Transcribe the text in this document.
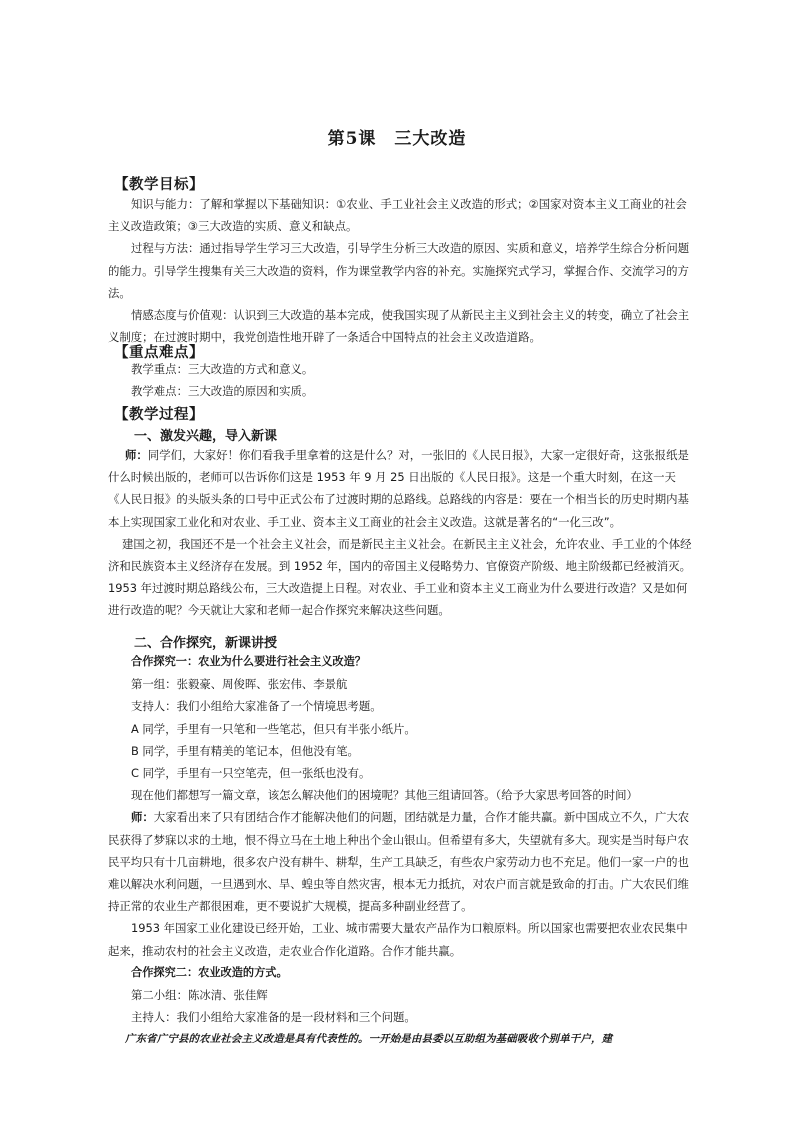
第5课　三大改造
【教学目标】

知识与能力：了解和掌握以下基础知识：①农业、手工业社会主义改造的形式；②国家对资本主义工商业的社会主义改造政策；③三大改造的实质、意义和缺点。

过程与方法：通过指导学生学习三大改造，引导学生分析三大改造的原因、实质和意义，培养学生综合分析问题的能力。引导学生搜集有关三大改造的资料，作为课堂教学内容的补充。实施探究式学习，掌握合作、交流学习的方法。

情感态度与价值观：认识到三大改造的基本完成，使我国实现了从新民主主义到社会主义的转变，确立了社会主义制度；在过渡时期中，我党创造性地开辟了一条适合中国特点的社会主义改造道路。

【重点难点】

教学重点：三大改造的方式和意义。

教学难点：三大改造的原因和实质。

【教学过程】
一、激发兴趣，导入新课

师：同学们，大家好！你们看我手里拿着的这是什么？对，一张旧的《人民日报》，大家一定很好奇，这张报纸是什么时候出版的，老师可以告诉你们这是 1953 年 9 月 25 日出版的《人民日报》。这是一个重大时刻，在这一天《人民日报》的头版头条的口号中正式公布了过渡时期的总路线。总路线的内容是：要在一个相当长的历史时期内基本上实现国家工业化和对农业、手工业、资本主义工商业的社会主义改造。这就是著名的“一化三改”。

建国之初，我国还不是一个社会主义社会，而是新民主主义社会。在新民主主义社会，允许农业、手工业的个体经济和民族资本主义经济存在发展。到 1952 年，国内的帝国主义侵略势力、官僚资产阶级、地主阶级都已经被消灭。1953 年过渡时期总路线公布，三大改造提上日程。对农业、手工业和资本主义工商业为什么要进行改造？又是如何进行改造的呢？今天就让大家和老师一起合作探究来解决这些问题。

二、合作探究，新课讲授

合作探究一：农业为什么要进行社会主义改造？

第一组：张毅豪、周俊晖、张宏伟、李景航

支持人：我们小组给大家准备了一个情境思考题。

A 同学，手里有一只笔和一些笔芯，但只有半张小纸片。

B 同学，手里有精美的笔记本，但他没有笔。

C 同学，手里有一只空笔壳，但一张纸也没有。

现在他们都想写一篇文章，该怎么解决他们的困境呢？其他三组请回答。（给予大家思考回答的时间）

师：大家看出来了只有团结合作才能解决他们的问题，团结就是力量，合作才能共赢。新中国成立不久，广大农民获得了梦寐以求的土地，恨不得立马在土地上种出个金山银山。但希望有多大，失望就有多大。现实是当时每户农民平均只有十几亩耕地，很多农户没有耕牛、耕犁，生产工具缺乏，有些农户家劳动力也不充足。他们一家一户的也难以解决水利问题，一旦遇到水、旱、蝗虫等自然灾害，根本无力抵抗，对农户而言就是致命的打击。广大农民们维持正常的农业生产都很困难，更不要说扩大规模，提高多种副业经营了。

1953 年国家工业化建设已经开始，工业、城市需要大量农产品作为口粮原料。所以国家也需要把农业农民集中起来，推动农村的社会主义改造，走农业合作化道路。合作才能共赢。

合作探究二：农业改造的方式。

第二小组：陈冰清、张佳辉

主持人：我们小组给大家准备的是一段材料和三个问题。

广东省广宁县的农业社会主义改造是具有代表性的。一开始是由县委以互助组为基础吸收个别单干户，建
